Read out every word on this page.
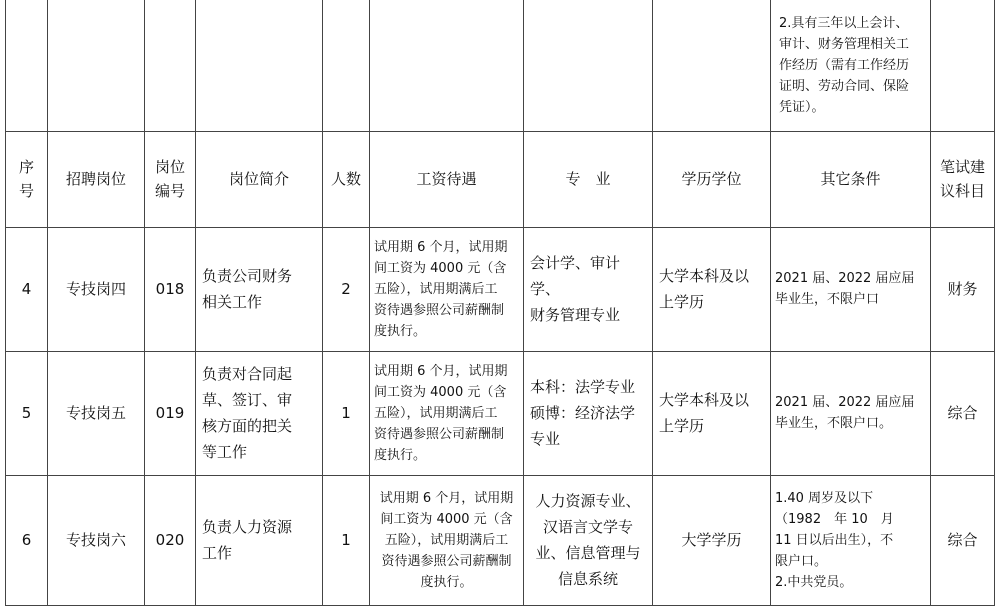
								2.具有三年以上会计、
审计、财务管理相关工
作经历（需有工作经历
证明、劳动合同、保险
凭证）。	

序号	招聘岗位	岗位
编号	岗位简介	人数	工资待遇	专　业	学历学位	其它条件	笔试建
议科目

4	专技岗四	018	负责公司财务
相关工作	2	试用期 6 个月，试用期
间工资为 4000 元（含
五险），试用期满后工
资待遇参照公司薪酬制
度执行。	会计学、审计学、
财务管理专业	大学本科及以
上学历	2021 届、2022 届应届
毕业生，不限户口	财务
5	专技岗五	019	负责对合同起
草、签订、审
核方面的把关
等工作	1	试用期 6 个月，试用期
间工资为 4000 元（含
五险），试用期满后工
资待遇参照公司薪酬制
度执行。	本科：法学专业
硕博：经济法学
专业	大学本科及以
上学历	2021 届、2022 届应届
毕业生，不限户口。	综合
6	专技岗六	020	负责人力资源
工作	1	试用期 6 个月，试用期
间工资为 4000 元（含
五险），试用期满后工
资待遇参照公司薪酬制
度执行。	人力资源专业、
汉语言文学专
业、信息管理与
信息系统	大学学历	1.40 周岁及以下
（1982　年 10　月
11 日以后出生），不
限户口。
2.中共党员。	综合
